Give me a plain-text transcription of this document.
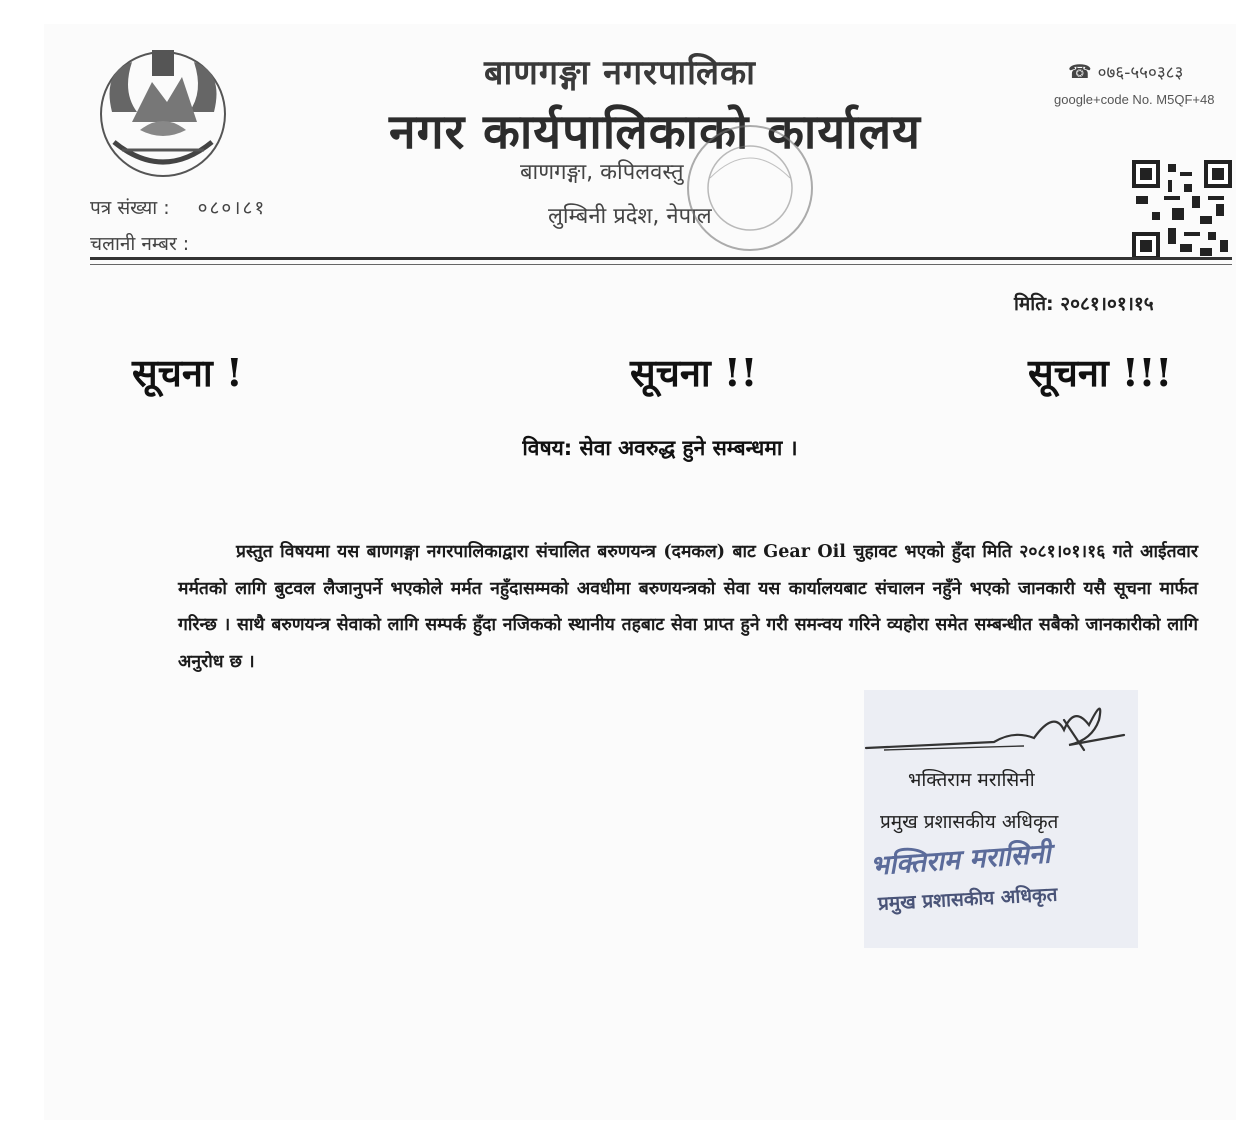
बाणगङ्गा नगरपालिका
नगर कार्यपालिकाको कार्यालय
बाणगङ्गा, कपिलवस्तु
लुम्बिनी प्रदेश, नेपाल
☎ ०७६-५५०३८३
google+code No. M5QF+48
पत्र संख्या : ०८०।८१
चलानी नम्बर :
मिति: २०८१।०१।१५
सूचना !	सूचना !!	सूचना !!!
विषय: सेवा अवरुद्ध हुने सम्बन्धमा ।
प्रस्तुत विषयमा यस बाणगङ्गा नगरपालिकाद्वारा संचालित बरुणयन्त्र (दमकल) बाट Gear Oil चुहावट भएको हुँदा मिति २०८१।०१।१६ गते आईतवार मर्मतको लागि बुटवल लैजानुपर्ने भएकोले मर्मत नहुँदासम्मको अवधीमा बरुणयन्त्रको सेवा यस कार्यालयबाट संचालन नहुँने भएको जानकारी यसै सूचना मार्फत गरिन्छ । साथै बरुणयन्त्र सेवाको लागि सम्पर्क हुँदा नजिकको स्थानीय तहबाट सेवा प्राप्त हुने गरी समन्वय गरिने व्यहोरा समेत सम्बन्धीत सबैको जानकारीको लागि अनुरोध छ ।
भक्तिराम मरासिनी
प्रमुख प्रशासकीय अधिकृत
भक्तिराम मरासिनी
प्रमुख प्रशासकीय अधिकृत
